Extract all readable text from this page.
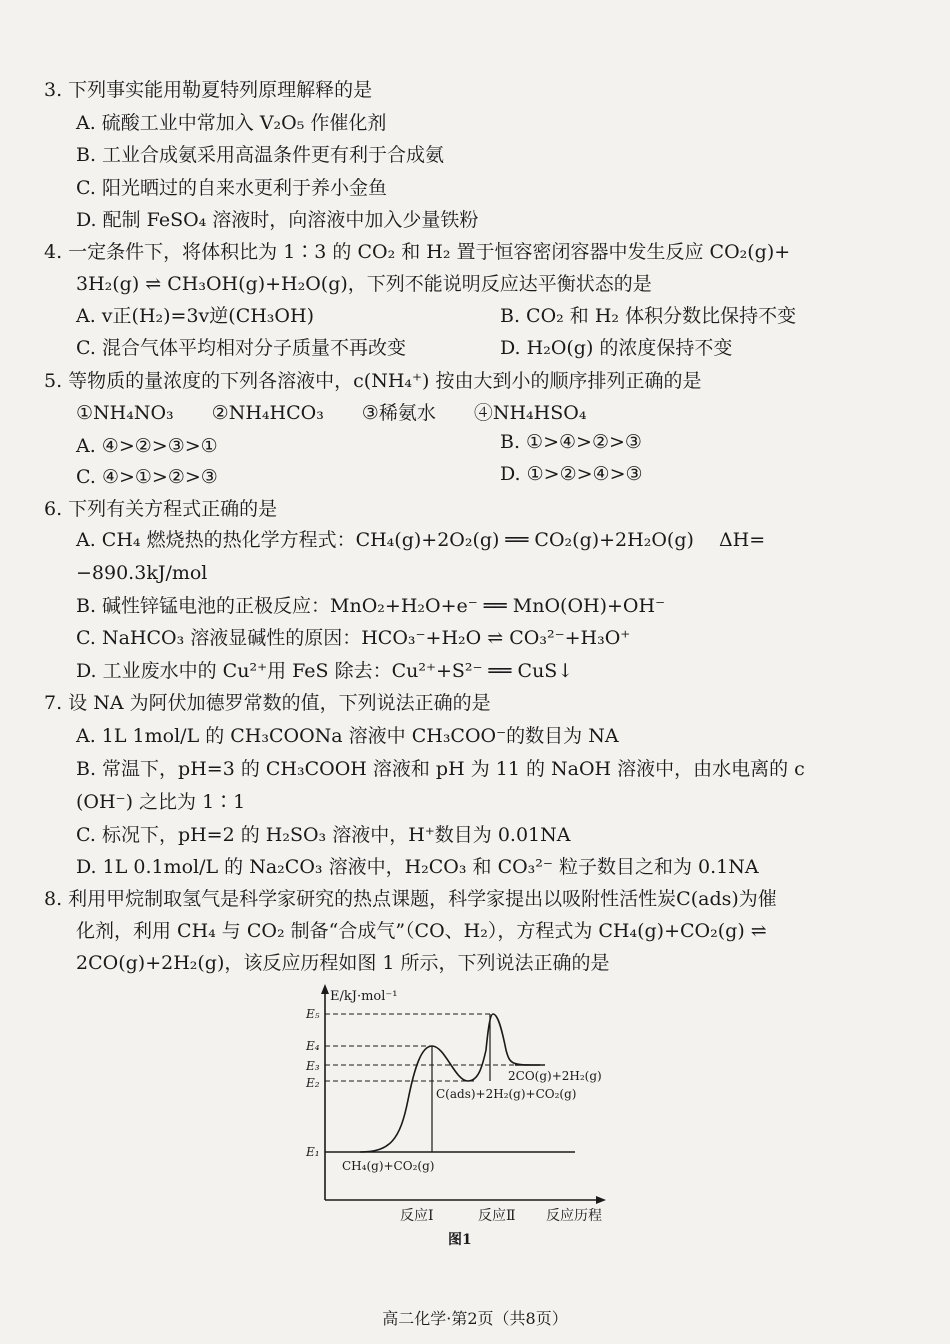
3. 下列事实能用勒夏特列原理解释的是
A. 硫酸工业中常加入 V₂O₅ 作催化剂
B. 工业合成氨采用高温条件更有利于合成氨
C. 阳光晒过的自来水更利于养小金鱼
D. 配制 FeSO₄ 溶液时，向溶液中加入少量铁粉
4. 一定条件下，将体积比为 1∶3 的 CO₂ 和 H₂ 置于恒容密闭容器中发生反应 CO₂(g)+
3H₂(g) ⇌ CH₃OH(g)+H₂O(g)，下列不能说明反应达平衡状态的是
A. v正(H₂)=3v逆(CH₃OH)	B. CO₂ 和 H₂ 体积分数比保持不变
C. 混合气体平均相对分子质量不再改变	D. H₂O(g) 的浓度保持不变
5. 等物质的量浓度的下列各溶液中，c(NH₄⁺) 按由大到小的顺序排列正确的是
①NH₄NO₃　　②NH₄HCO₃　　③稀氨水　　④NH₄HSO₄
A. ④>②>③>①	B. ①>④>②>③
C. ④>①>②>③	D. ①>②>④>③
6. 下列有关方程式正确的是
A. CH₄ 燃烧热的热化学方程式：CH₄(g)+2O₂(g) ══ CO₂(g)+2H₂O(g)　 ΔH=
−890.3kJ/mol
B. 碱性锌锰电池的正极反应：MnO₂+H₂O+e⁻ ══ MnO(OH)+OH⁻
C. NaHCO₃ 溶液显碱性的原因：HCO₃⁻+H₂O ⇌ CO₃²⁻+H₃O⁺
D. 工业废水中的 Cu²⁺用 FeS 除去：Cu²⁺+S²⁻ ══ CuS↓
7. 设 NA 为阿伏加德罗常数的值，下列说法正确的是
A. 1L 1mol/L 的 CH₃COONa 溶液中 CH₃COO⁻的数目为 NA
B. 常温下，pH=3 的 CH₃COOH 溶液和 pH 为 11 的 NaOH 溶液中，由水电离的 c
(OH⁻) 之比为 1∶1
C. 标况下，pH=2 的 H₂SO₃ 溶液中，H⁺数目为 0.01NA
D. 1L 0.1mol/L 的 Na₂CO₃ 溶液中，H₂CO₃ 和 CO₃²⁻ 粒子数目之和为 0.1NA
8. 利用甲烷制取氢气是科学家研究的热点课题，科学家提出以吸附性活性炭C(ads)为催
化剂，利用 CH₄ 与 CO₂ 制备“合成气”（CO、H₂），方程式为 CH₄(g)+CO₂(g) ⇌
2CO(g)+2H₂(g)，该反应历程如图 1 所示，下列说法正确的是
E/kJ·mol⁻¹
E₅
E₄
E₃
E₂
E₁
CH₄(g)+CO₂(g)
C(ads)+2H₂(g)+CO₂(g)
2CO(g)+2H₂(g)
反应Ⅰ	反应Ⅱ 反应历程
图1
高二化学·第2页（共8页）
